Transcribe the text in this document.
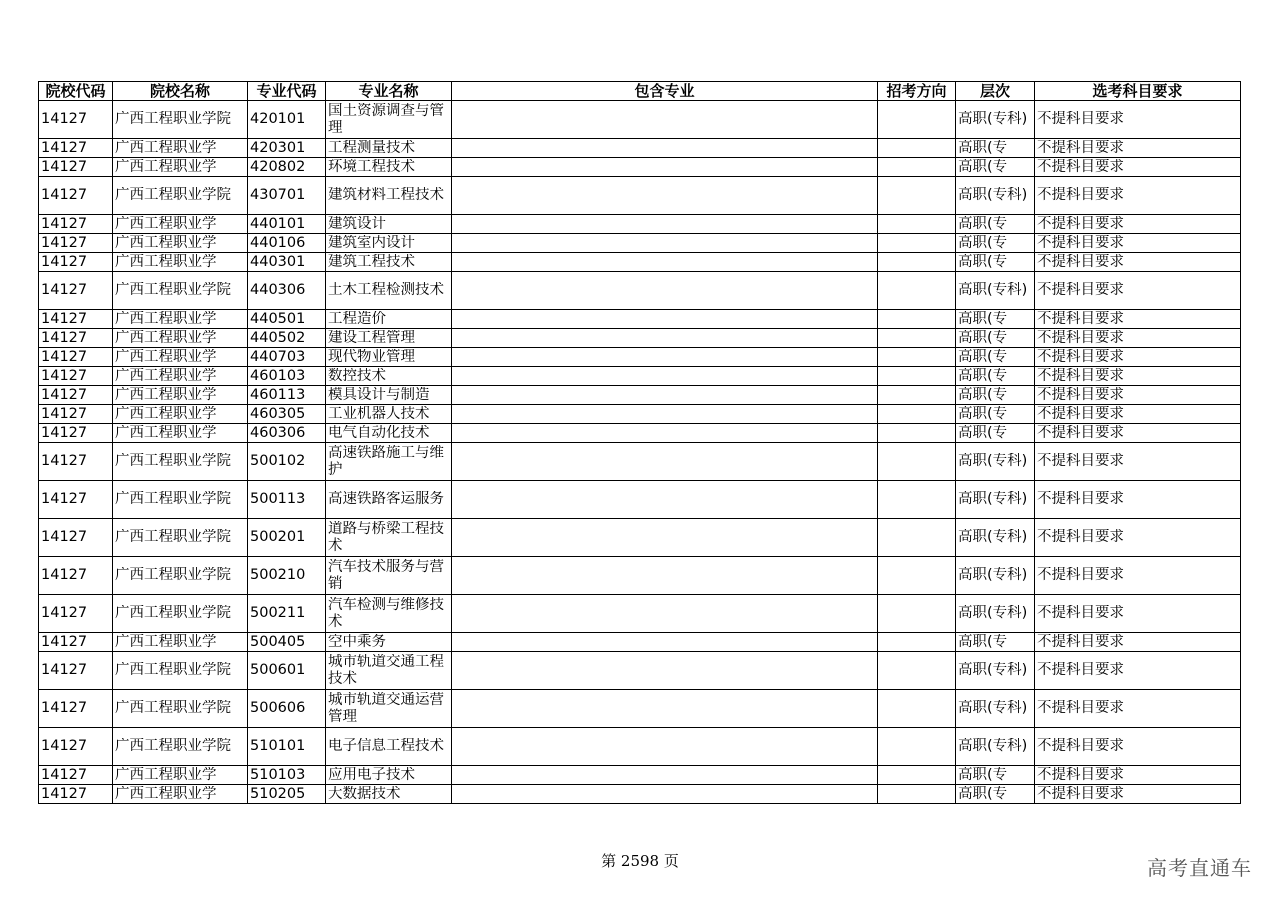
院校代码	院校名称	专业代码	专业名称	包含专业	招考方向	层次	选考科目要求

14127	广西工程职业学院	420101	国土资源调查与管理			高职(专科)	不提科目要求

14127	广西工程职业学	420301	工程测量技术			高职(专	不提科目要求

14127	广西工程职业学	420802	环境工程技术			高职(专	不提科目要求

14127	广西工程职业学院	430701	建筑材料工程技术			高职(专科)	不提科目要求

14127	广西工程职业学	440101	建筑设计			高职(专	不提科目要求

14127	广西工程职业学	440106	建筑室内设计			高职(专	不提科目要求

14127	广西工程职业学	440301	建筑工程技术			高职(专	不提科目要求

14127	广西工程职业学院	440306	土木工程检测技术			高职(专科)	不提科目要求

14127	广西工程职业学	440501	工程造价			高职(专	不提科目要求

14127	广西工程职业学	440502	建设工程管理			高职(专	不提科目要求

14127	广西工程职业学	440703	现代物业管理			高职(专	不提科目要求

14127	广西工程职业学	460103	数控技术			高职(专	不提科目要求

14127	广西工程职业学	460113	模具设计与制造			高职(专	不提科目要求

14127	广西工程职业学	460305	工业机器人技术			高职(专	不提科目要求

14127	广西工程职业学	460306	电气自动化技术			高职(专	不提科目要求

14127	广西工程职业学院	500102	高速铁路施工与维护			高职(专科)	不提科目要求

14127	广西工程职业学院	500113	高速铁路客运服务			高职(专科)	不提科目要求

14127	广西工程职业学院	500201	道路与桥梁工程技术			高职(专科)	不提科目要求

14127	广西工程职业学院	500210	汽车技术服务与营销			高职(专科)	不提科目要求

14127	广西工程职业学院	500211	汽车检测与维修技术			高职(专科)	不提科目要求

14127	广西工程职业学	500405	空中乘务			高职(专	不提科目要求

14127	广西工程职业学院	500601	城市轨道交通工程技术			高职(专科)	不提科目要求

14127	广西工程职业学院	500606	城市轨道交通运营管理			高职(专科)	不提科目要求

14127	广西工程职业学院	510101	电子信息工程技术			高职(专科)	不提科目要求

14127	广西工程职业学	510103	应用电子技术			高职(专	不提科目要求

14127	广西工程职业学	510205	大数据技术			高职(专	不提科目要求
第 2598 页	高考直通车
